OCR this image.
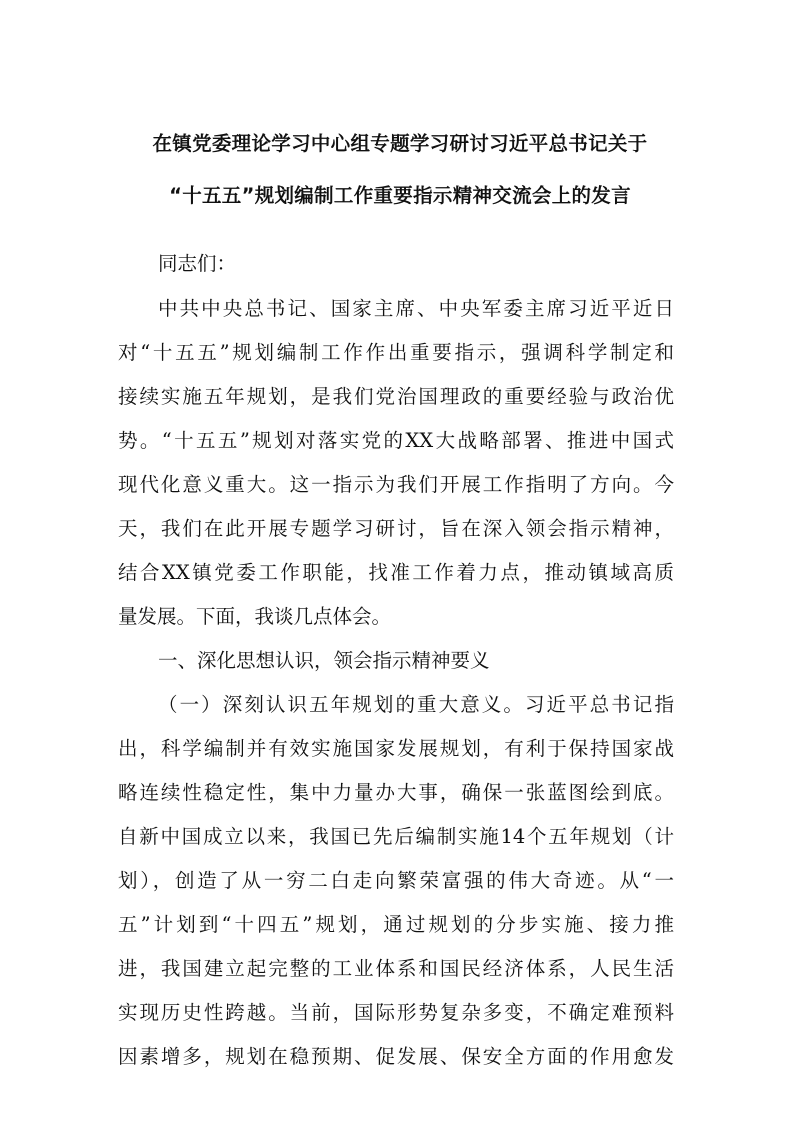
在镇党委理论学习中心组专题学习研讨习近平总书记关于
“十五五”规划编制工作重要指示精神交流会上的发言
同志们：
中共中央总书记、国家主席、中央军委主席习近平近日
对“十五五”规划编制工作作出重要指示，强调科学制定和
接续实施五年规划，是我们党治国理政的重要经验与政治优
势。“十五五”规划对落实党的XX大战略部署、推进中国式
现代化意义重大。这一指示为我们开展工作指明了方向。今
天，我们在此开展专题学习研讨，旨在深入领会指示精神，
结合XX镇党委工作职能，找准工作着力点，推动镇域高质
量发展。下面，我谈几点体会。
一、深化思想认识，领会指示精神要义
（一）深刻认识五年规划的重大意义。习近平总书记指
出，科学编制并有效实施国家发展规划，有利于保持国家战
略连续性稳定性，集中力量办大事，确保一张蓝图绘到底。
自新中国成立以来，我国已先后编制实施14个五年规划（计
划），创造了从一穷二白走向繁荣富强的伟大奇迹。从“一
五”计划到“十四五”规划，通过规划的分步实施、接力推
进，我国建立起完整的工业体系和国民经济体系，人民生活
实现历史性跨越。当前，国际形势复杂多变，不确定难预料
因素增多，规划在稳预期、促发展、保安全方面的作用愈发
